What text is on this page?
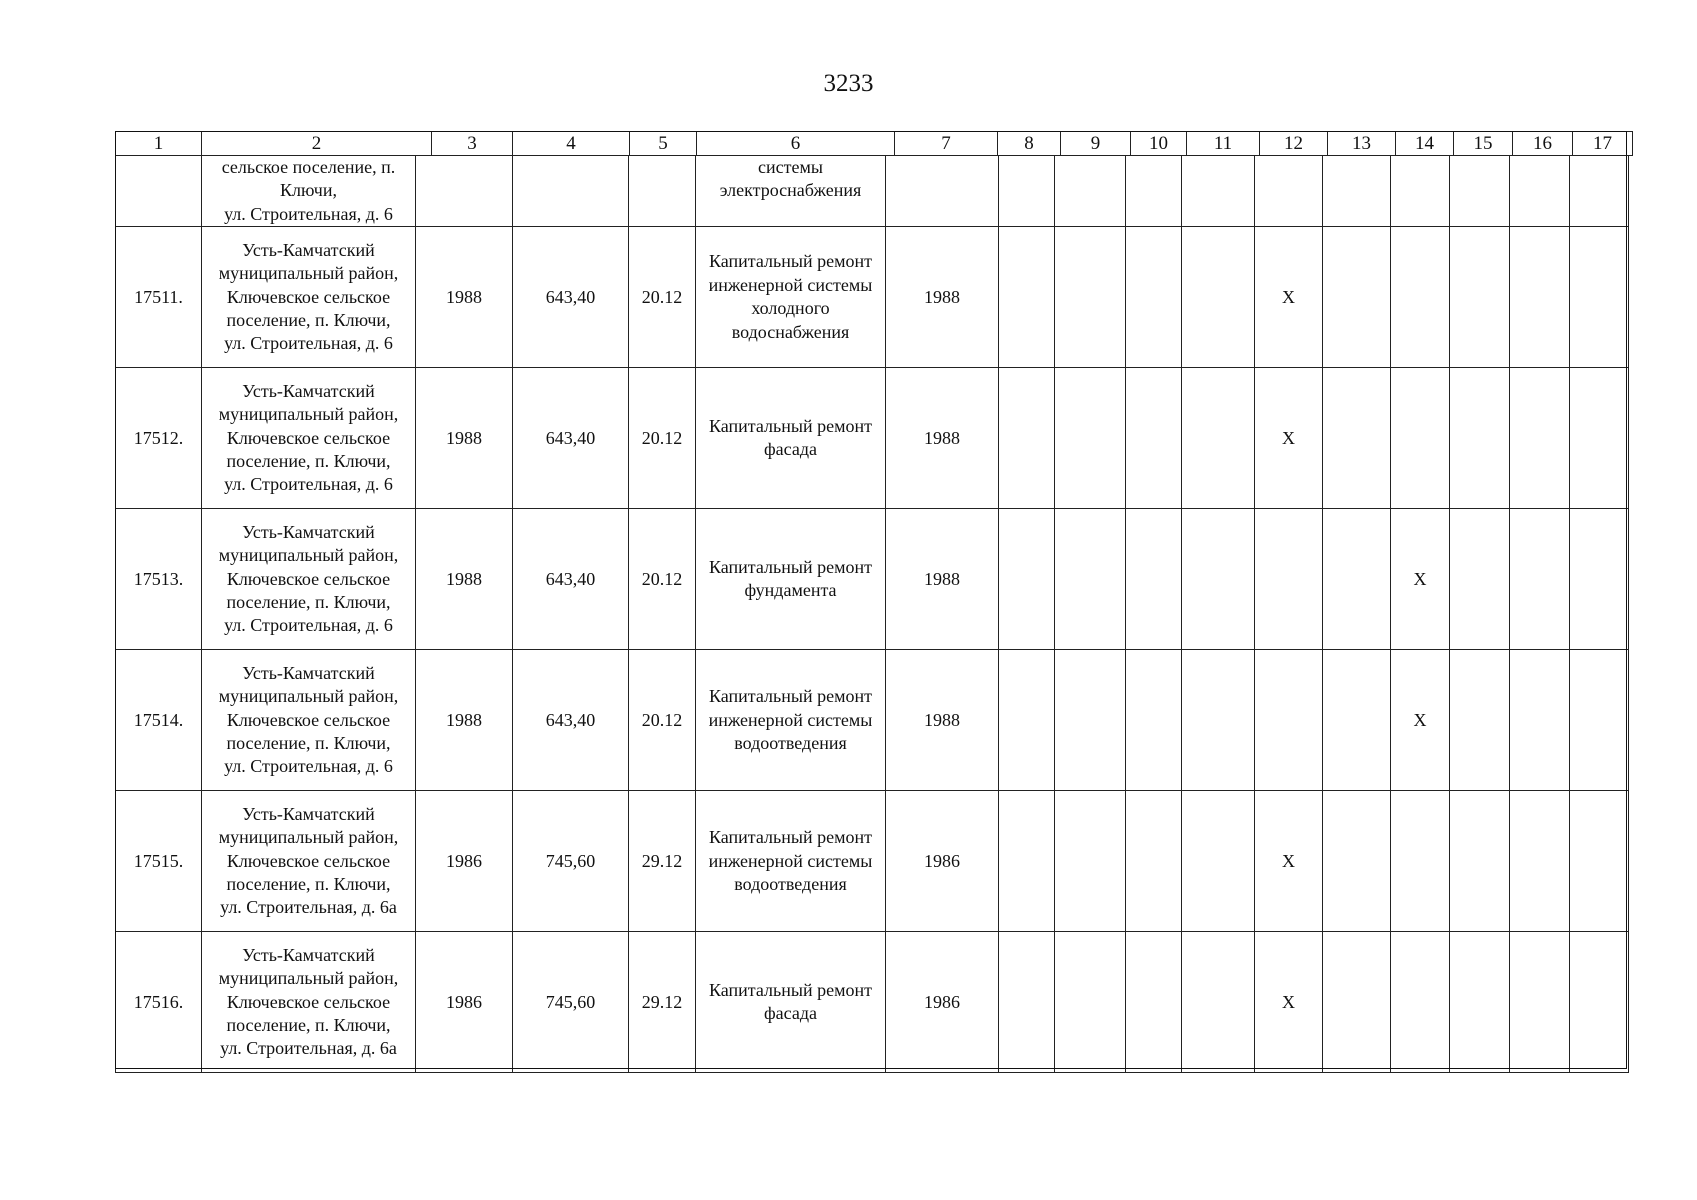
3233
1	2	3	4	5	6	7	8	9	10	11	12	13	14	15	16	17
	сельское поселение, п. Ключи,
ул. Строительная, д. 6				системы электроснабжения											
17511.	Усть-Камчатский муниципальный район, Ключевское сельское поселение, п. Ключи,
ул. Строительная, д. 6	1988	643,40	20.12	Капитальный ремонт инженерной системы холодного водоснабжения	1988					X					
17512.	Усть-Камчатский муниципальный район, Ключевское сельское поселение, п. Ключи,
ул. Строительная, д. 6	1988	643,40	20.12	Капитальный ремонт фасада	1988					X					
17513.	Усть-Камчатский муниципальный район, Ключевское сельское поселение, п. Ключи,
ул. Строительная, д. 6	1988	643,40	20.12	Капитальный ремонт фундамента	1988							X			
17514.	Усть-Камчатский муниципальный район, Ключевское сельское поселение, п. Ключи,
ул. Строительная, д. 6	1988	643,40	20.12	Капитальный ремонт инженерной системы водоотведения	1988							X			
17515.	Усть-Камчатский муниципальный район, Ключевское сельское поселение, п. Ключи,
ул. Строительная, д. 6а	1986	745,60	29.12	Капитальный ремонт инженерной системы водоотведения	1986					X					
17516.	Усть-Камчатский муниципальный район, Ключевское сельское поселение, п. Ключи,
ул. Строительная, д. 6а	1986	745,60	29.12	Капитальный ремонт фасада	1986					X					
